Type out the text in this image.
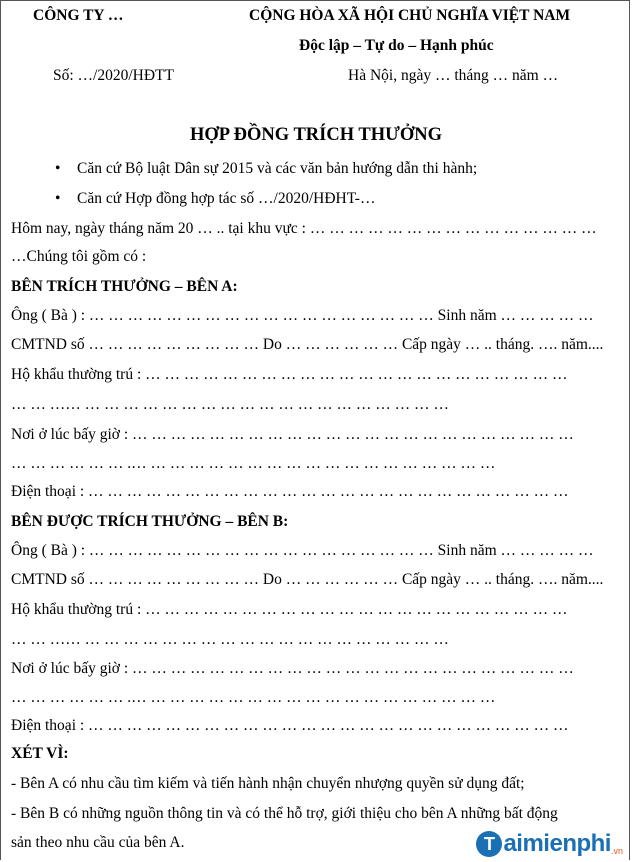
CÔNG TY …	CỘNG HÒA XÃ HỘI CHỦ NGHĨA VIỆT NAM
Độc lập – Tự do – Hạnh phúc
Số: …/2020/HĐTT	Hà Nội, ngày … tháng … năm …
HỢP ĐỒNG TRÍCH THƯỞNG
• Căn cứ Bộ luật Dân sự 2015 và các văn bản hướng dẫn thi hành;
• Căn cứ Hợp đồng hợp tác số …/2020/HĐHT-…
Hôm nay, ngày tháng năm 20 … .. tại khu vực : … … … … … … … … … … … … … … …
…Chúng tôi gồm có :
BÊN TRÍCH THƯỞNG – BÊN A:
Ông ( Bà ) : … … … … … … … … … … … … … … … … … … Sinh năm … … … … …
CMTND số … … … … … … … … … Do … … … … … … Cấp ngày … .. tháng. …. năm....
Hộ khẩu thường trú : … … … … … … … … … … … … … … … … … … … … … …
… … …… … … … … … … … … … … … … … … … … … … …
Nơi ở lúc bấy giờ : … … … … … … … … … … … … … … … … … … … … … … …
… … … … … … .… … … … … … … … … … … … … … … … … … …
Điện thoại : … … … … … … … … … … … … … … … … … … … … … … … … …
BÊN ĐƯỢC TRÍCH THƯỞNG – BÊN B:
Ông ( Bà ) : … … … … … … … … … … … … … … … … … … Sinh năm … … … … …
CMTND số … … … … … … … … … Do … … … … … … Cấp ngày … .. tháng. …. năm....
Hộ khẩu thường trú : … … … … … … … … … … … … … … … … … … … … … …
… … …… … … … … … … … … … … … … … … … … … … …
Nơi ở lúc bấy giờ : … … … … … … … … … … … … … … … … … … … … … … …
… … … … … … .… … … … … … … … … … … … … … … … … … …
Điện thoại : … … … … … … … … … … … … … … … … … … … … … … … … …
XÉT VÌ:
- Bên A có nhu cầu tìm kiếm và tiến hành nhận chuyển nhượng quyền sử dụng đất;
- Bên B có những nguồn thông tin và có thể hỗ trợ, giới thiệu cho bên A những bất động
sản theo nhu cầu của bên A.	T aimienphi .vn
